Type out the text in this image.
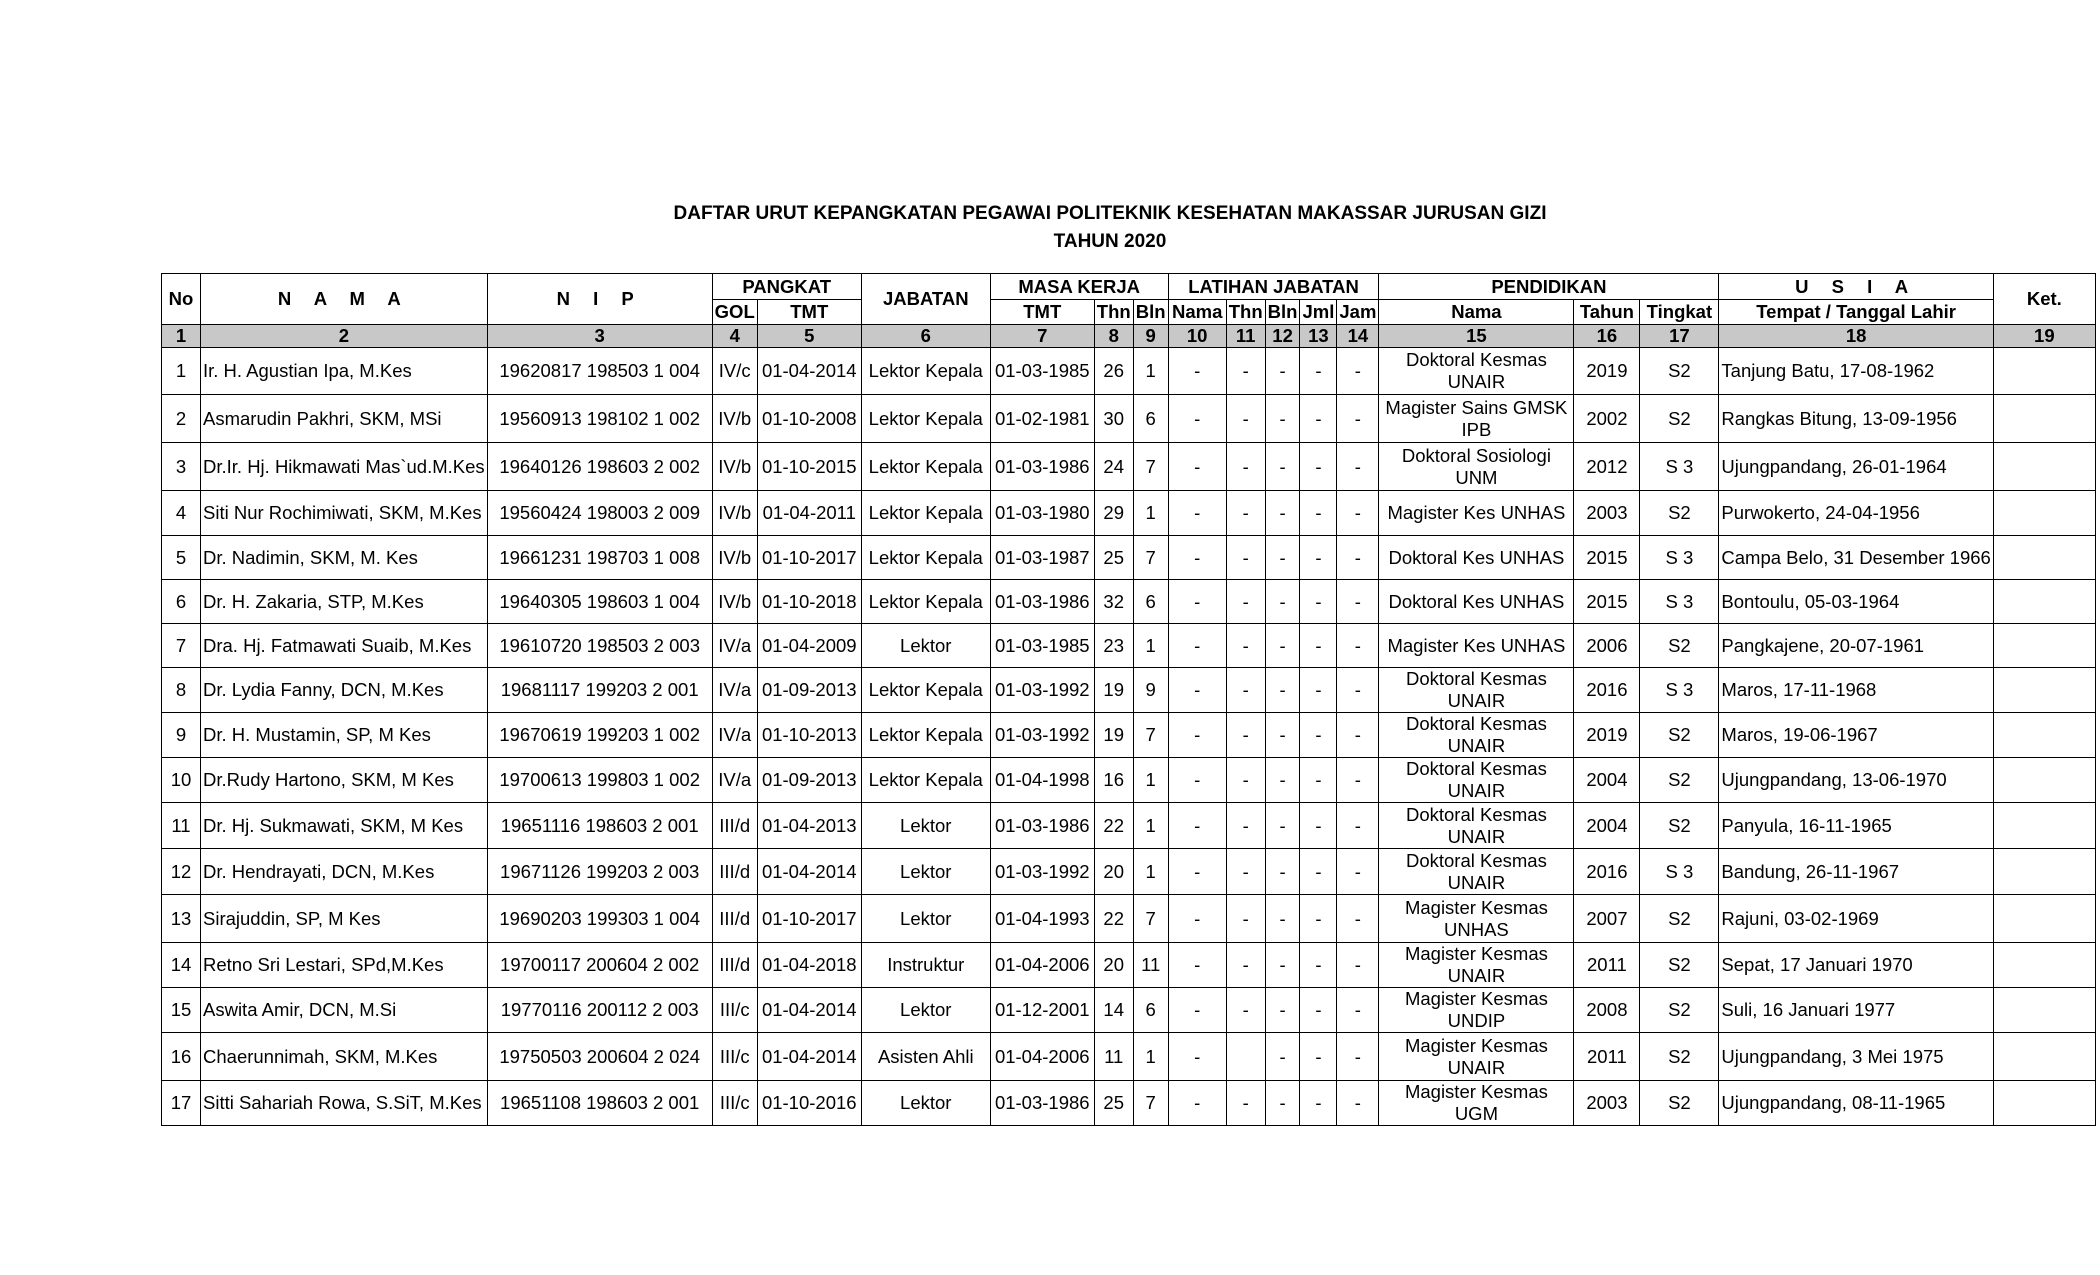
DAFTAR URUT KEPANGKATAN PEGAWAI POLITEKNIK KESEHATAN MAKASSAR JURUSAN GIZI
TAHUN 2020
No	N A M A	N I P	PANGKAT		JABATAN	MASA KERJA			LATIHAN JABATAN					PENDIDIKAN			U S I A	Ket.
			GOL	TMT		TMT	Thn	Bln	Nama	Thn	Bln	Jml	Jam	Nama	Tahun	Tingkat	Tempat / Tanggal Lahir	
1	2	3	4	5	6	7	8	9	10	11	12	13	14	15	16	17	18	19
1	Ir. H. Agustian Ipa, M.Kes	19620817 198503 1 004	IV/c	01-04-2014	Lektor Kepala	01-03-1985	26	1	-	-	-	-	-	Doktoral Kesmas UNAIR	2019	S2	Tanjung Batu, 17-08-1962	
2	Asmarudin Pakhri, SKM, MSi	19560913 198102 1 002	IV/b	01-10-2008	Lektor Kepala	01-02-1981	30	6	-	-	-	-	-	Magister Sains GMSK IPB	2002	S2	Rangkas Bitung, 13-09-1956	
3	Dr.Ir. Hj. Hikmawati Mas`ud.M.Kes	19640126 198603 2 002	IV/b	01-10-2015	Lektor Kepala	01-03-1986	24	7	-	-	-	-	-	Doktoral Sosiologi UNM	2012	S 3	Ujungpandang, 26-01-1964	
4	Siti Nur Rochimiwati, SKM, M.Kes	19560424 198003 2 009	IV/b	01-04-2011	Lektor Kepala	01-03-1980	29	1	-	-	-	-	-	Magister Kes UNHAS	2003	S2	Purwokerto, 24-04-1956	
5	Dr. Nadimin, SKM, M. Kes	19661231 198703 1 008	IV/b	01-10-2017	Lektor Kepala	01-03-1987	25	7	-	-	-	-	-	Doktoral Kes UNHAS	2015	S 3	Campa Belo, 31 Desember 1966	
6	Dr. H. Zakaria, STP, M.Kes	19640305 198603 1 004	IV/b	01-10-2018	Lektor Kepala	01-03-1986	32	6	-	-	-	-	-	Doktoral Kes UNHAS	2015	S 3	Bontoulu, 05-03-1964	
7	Dra. Hj. Fatmawati Suaib, M.Kes	19610720 198503 2 003	IV/a	01-04-2009	Lektor	01-03-1985	23	1	-	-	-	-	-	Magister Kes UNHAS	2006	S2	Pangkajene, 20-07-1961	
8	Dr. Lydia Fanny, DCN, M.Kes	19681117 199203 2 001	IV/a	01-09-2013	Lektor Kepala	01-03-1992	19	9	-	-	-	-	-	Doktoral Kesmas UNAIR	2016	S 3	Maros, 17-11-1968	
9	Dr. H. Mustamin, SP, M Kes	19670619 199203 1 002	IV/a	01-10-2013	Lektor Kepala	01-03-1992	19	7	-	-	-	-	-	Doktoral Kesmas UNAIR	2019	S2	Maros, 19-06-1967	
10	Dr.Rudy Hartono, SKM, M Kes	19700613 199803 1 002	IV/a	01-09-2013	Lektor Kepala	01-04-1998	16	1	-	-	-	-	-	Doktoral Kesmas UNAIR	2004	S2	Ujungpandang, 13-06-1970	
11	Dr. Hj. Sukmawati, SKM, M Kes	19651116 198603 2 001	III/d	01-04-2013	Lektor	01-03-1986	22	1	-	-	-	-	-	Doktoral Kesmas UNAIR	2004	S2	Panyula, 16-11-1965	
12	Dr. Hendrayati, DCN, M.Kes	19671126 199203 2 003	III/d	01-04-2014	Lektor	01-03-1992	20	1	-	-	-	-	-	Doktoral Kesmas UNAIR	2016	S 3	Bandung, 26-11-1967	
13	Sirajuddin, SP, M Kes	19690203 199303 1 004	III/d	01-10-2017	Lektor	01-04-1993	22	7	-	-	-	-	-	Magister Kesmas UNHAS	2007	S2	Rajuni, 03-02-1969	
14	Retno Sri Lestari, SPd,M.Kes	19700117 200604 2 002	III/d	01-04-2018	Instruktur	01-04-2006	20	11	-	-	-	-	-	Magister Kesmas UNAIR	2011	S2	Sepat, 17 Januari 1970	
15	Aswita Amir, DCN, M.Si	19770116 200112 2 003	III/c	01-04-2014	Lektor	01-12-2001	14	6	-	-	-	-	-	Magister Kesmas UNDIP	2008	S2	Suli, 16 Januari 1977	
16	Chaerunnimah, SKM, M.Kes	19750503 200604 2 024	III/c	01-04-2014	Asisten Ahli	01-04-2006	11	1	-		-	-	-	Magister Kesmas UNAIR	2011	S2	Ujungpandang, 3 Mei 1975	
17	Sitti Sahariah Rowa, S.SiT, M.Kes	19651108 198603 2 001	III/c	01-10-2016	Lektor	01-03-1986	25	7	-	-	-	-	-	Magister Kesmas UGM	2003	S2	Ujungpandang, 08-11-1965	
